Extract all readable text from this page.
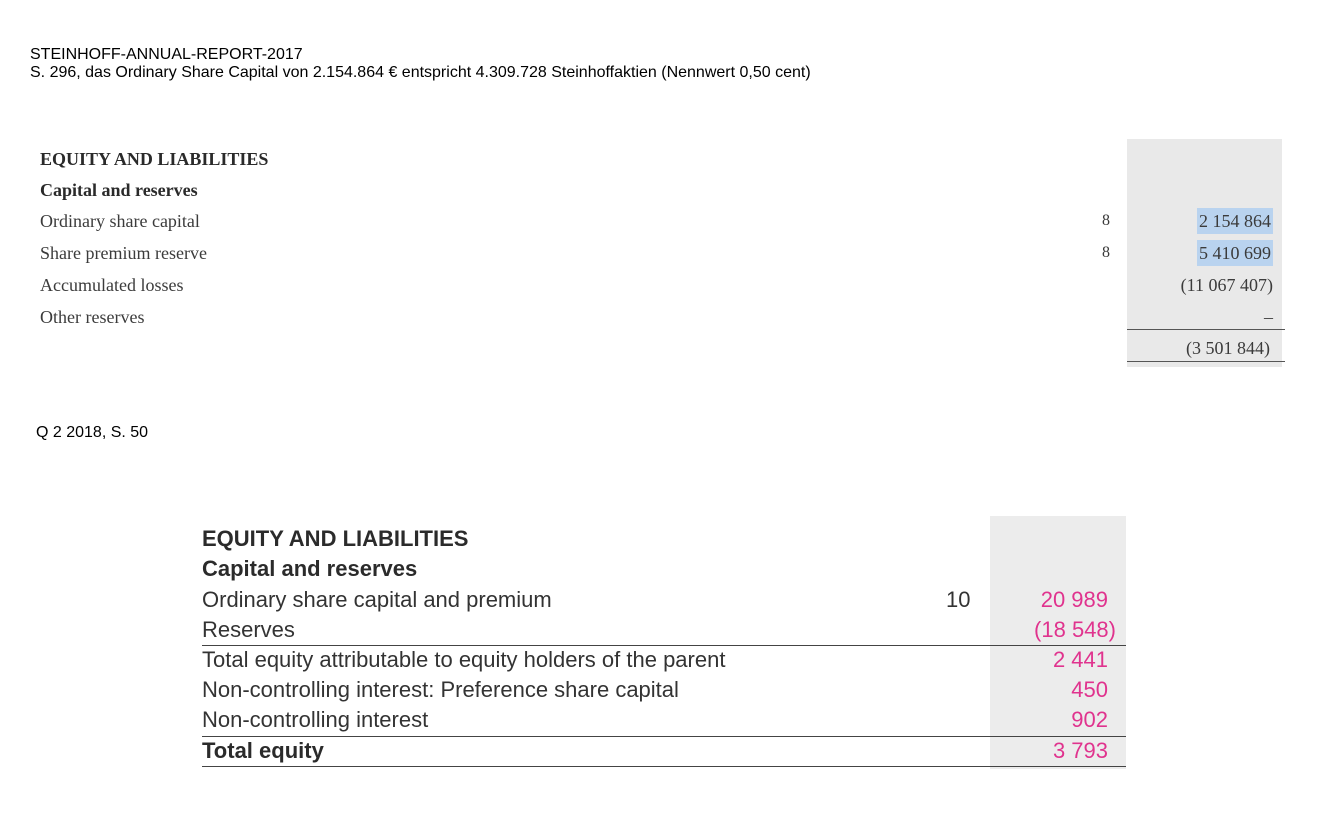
STEINHOFF-ANNUAL-REPORT-2017
S. 296, das Ordinary Share Capital von 2.154.864 € entspricht 4.309.728 Steinhoffaktien (Nennwert 0,50 cent)
EQUITY AND LIABILITIES
Capital and reserves
Ordinary share capital	8	2 154 864
Share premium reserve	8	5 410 699
Accumulated losses	(11 067 407)
Other reserves	–
(3 501 844)
Q 2 2018, S. 50
EQUITY AND LIABILITIES
Capital and reserves
Ordinary share capital and premium	10	20 989
Reserves	(18 548)
Total equity attributable to equity holders of the parent	2 441
Non-controlling interest: Preference share capital	450
Non-controlling interest	902
Total equity	3 793
